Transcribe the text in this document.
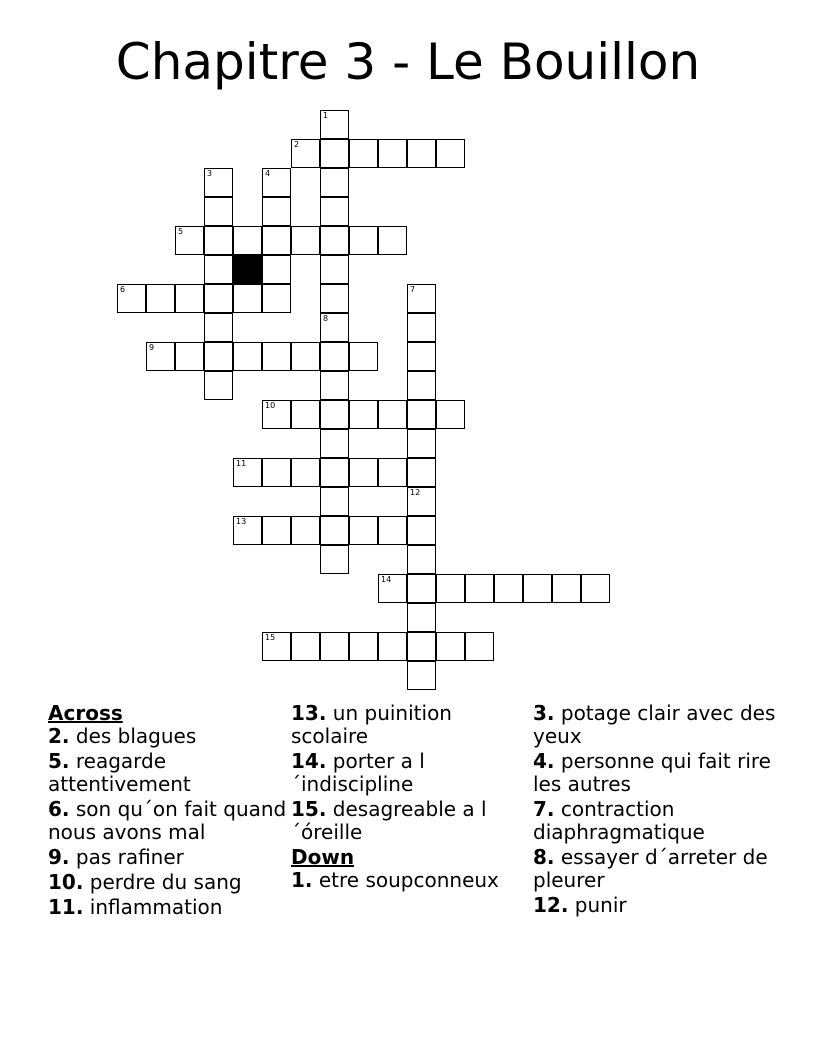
Chapitre 3 - Le Bouillon
1
2
3	4
5
6	7
8
9
10
11
12
13
14
15
Across
2. des blagues
5. reagarde attentivement
6. son qu´on fait quand nous avons mal
9. pas rafiner
10. perdre du sang
11. inflammation
13. un puinition scolaire
14. porter a l´indiscipline
15. desagreable a l´óreille
Down
1. etre soupconneux
3. potage clair avec des yeux
4. personne qui fait rire les autres
7. contraction diaphragmatique
8. essayer d´arreter de pleurer
12. punir
